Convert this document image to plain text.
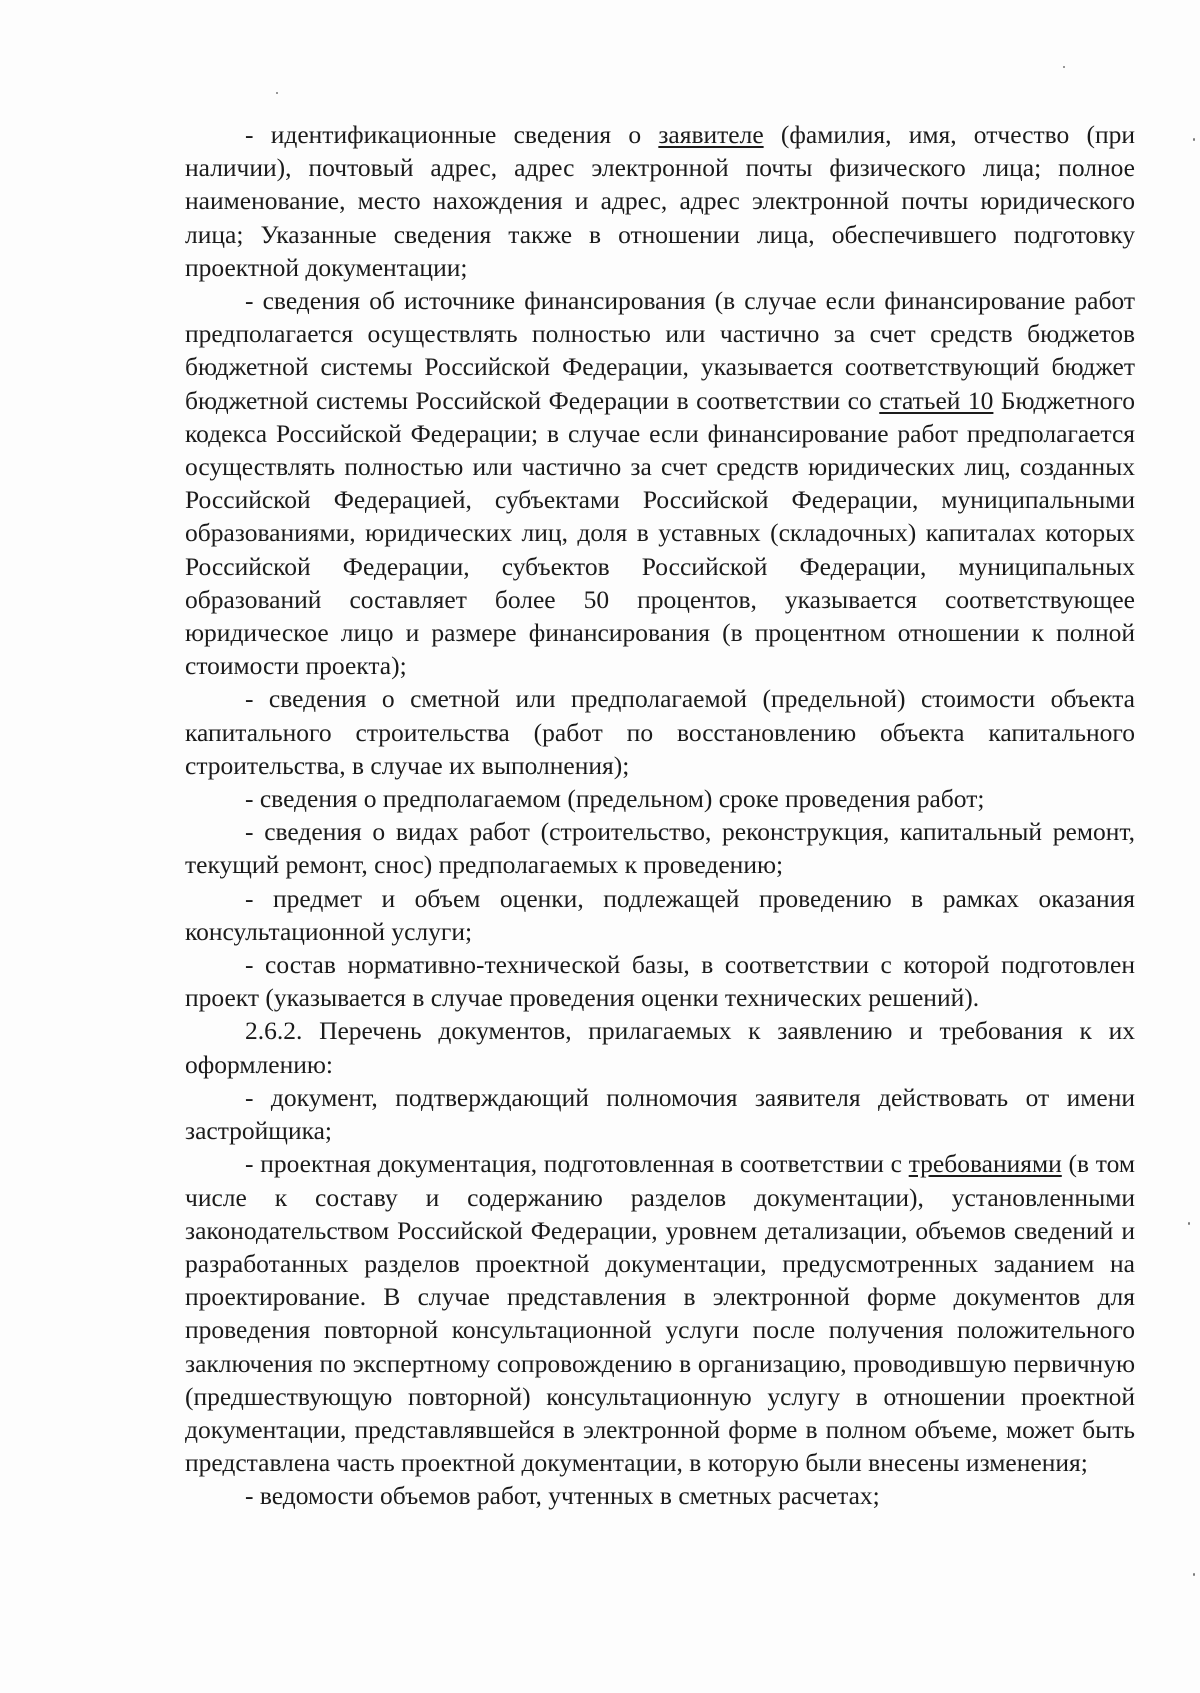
- идентификационные сведения о заявителе (фамилия, имя, отчество (при наличии), почтовый адрес, адрес электронной почты физического лица; полное наименование, место нахождения и адрес, адрес электронной почты юридического лица; Указанные сведения также в отношении лица, обеспечившего подготовку проектной документации;

- сведения об источнике финансирования (в случае если финансирование работ предполагается осуществлять полностью или частично за счет средств бюджетов бюджетной системы Российской Федерации, указывается соответствующий бюджет бюджетной системы Российской Федерации в соответствии со статьей 10 Бюджетного кодекса Российской Федерации; в случае если финансирование работ предполагается осуществлять полностью или частично за счет средств юридических лиц, созданных Российской Федерацией, субъектами Российской Федерации, муниципальными образованиями, юридических лиц, доля в уставных (складочных) капиталах которых Российской Федерации, субъектов Российской Федерации, муниципальных образований составляет более 50 процентов, указывается соответствующее юридическое лицо и размере финансирования (в процентном отношении к полной стоимости проекта);

- сведения о сметной или предполагаемой (предельной) стоимости объекта капитального строительства (работ по восстановлению объекта капитального строительства, в случае их выполнения);

- сведения о предполагаемом (предельном) сроке проведения работ;

- сведения о видах работ (строительство, реконструкция, капитальный ремонт, текущий ремонт, снос) предполагаемых к проведению;

- предмет и объем оценки, подлежащей проведению в рамках оказания консультационной услуги;

- состав нормативно-технической базы, в соответствии с которой подготовлен проект (указывается в случае проведения оценки технических решений).

2.6.2. Перечень документов, прилагаемых к заявлению и требования к их оформлению:

- документ, подтверждающий полномочия заявителя действовать от имени застройщика;

- проектная документация, подготовленная в соответствии с требованиями (в том числе к составу и содержанию разделов документации), установленными законодательством Российской Федерации, уровнем детализации, объемов сведений и разработанных разделов проектной документации, предусмотренных заданием на проектирование. В случае представления в электронной форме документов для проведения повторной консультационной услуги после получения положительного заключения по экспертному сопровождению в организацию, проводившую первичную (предшествующую повторной) консультационную услугу в отношении проектной документации, представлявшейся в электронной форме в полном объеме, может быть представлена часть проектной документации, в которую были внесены изменения;

- ведомости объемов работ, учтенных в сметных расчетах;
